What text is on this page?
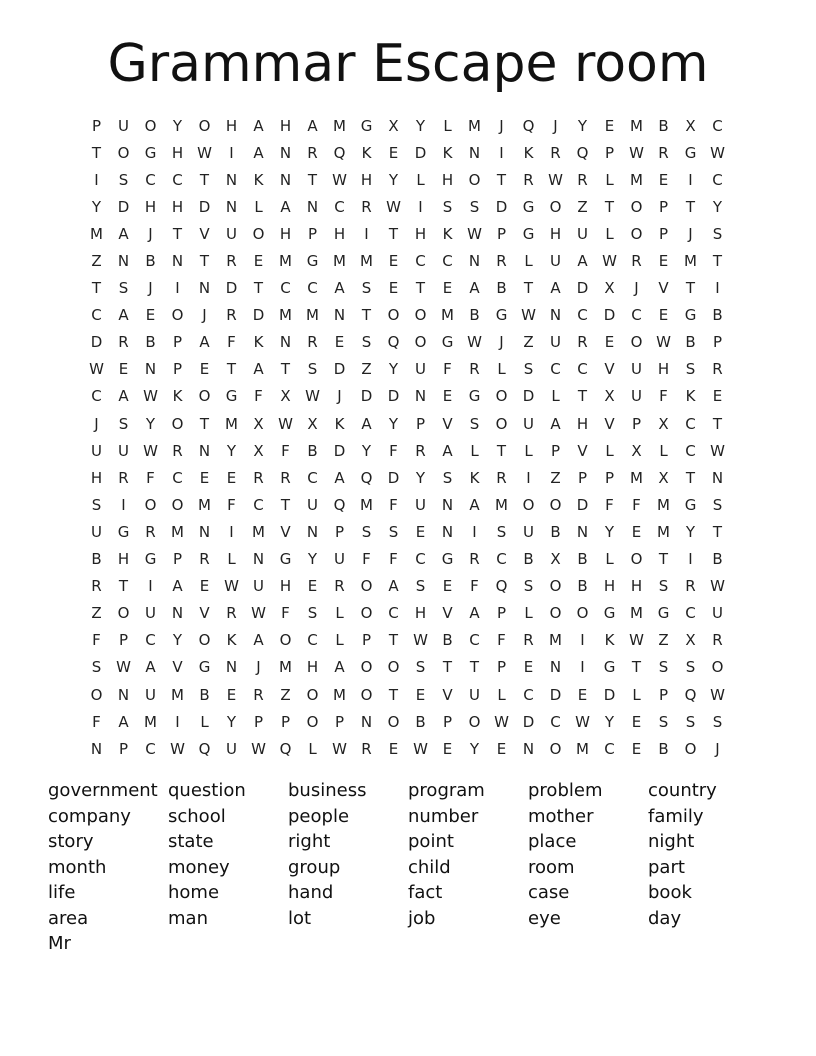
Grammar Escape room
P	U	O	Y	O	H	A	H	A	M G	X	Y	L	M	J	Q	J	Y	E	M	B	X	C
T	O	G	H W	I	A	N	R	Q	K	E	D	K	N	I	K	R	Q	P	W R	G W
I	S	C	C	T	N	K	N	T	W H	Y	L	H	O	T	R W R	L	M	E	I	C
Y	D	H	H	D	N	L	A	N	C	R W	I	S	S	D	G	O	Z	T	O	P	T	Y
M	A	J	T	V	U	O	H	P	H	I	T	H	K W	P	G	H	U	L	O	P	J	S
Z	N	B	N	T	R	E	M G M M	E	C	C	N	R	L	U	A W R	E	M	T
T	S	J	I	N	D	T	C	C	A	S	E	T	E	A	B	T	A	D	X	J	V	T	I
C	A	E	O	J	R	D M M N	T	O	O M	B	G W N	C	D	C	E	G	B
D	R	B	P	A	F	K	N	R	E	S	Q	O	G W	J	Z	U	R	E	O W B	P
W E	N	P	E	T	A	T	S	D	Z	Y	U	F	R	L	S	C	C	V	U	H	S	R
C	A W K	O	G	F	X W	J	D	D	N	E	G	O	D	L	T	X	U	F	K	E
J	S	Y	O	T	M	X W X	K	A	Y	P	V	S	O	U	A	H	V	P	X	C	T
U	U W R	N	Y	X	F	B	D	Y	F	R	A	L	T	L	P	V	L	X	L	C W
H	R	F	C	E	E	R	R	C	A	Q	D	Y	S	K	R	I	Z	P	P	M	X	T	N
S	I	O	O M	F	C	T	U	Q M	F	U	N	A	M O	O	D	F	F	M G	S
U	G	R	M N	I	M	V	N	P	S	S	E	N	I	S	U	B	N	Y	E	M	Y	T
B	H	G	P	R	L	N	G	Y	U	F	F	C	G	R	C	B	X	B	L	O	T	I	B
R	T	I	A	E W U	H	E	R	O	A	S	E	F	Q	S	O	B	H	H	S	R W
Z	O	U	N	V	R W	F	S	L	O	C	H	V	A	P	L	O	O	G M G	C	U
F	P	C	Y	O	K	A	O	C	L	P	T	W B	C	F	R	M	I	K W Z	X	R
S W A	V	G	N	J	M H	A	O	O	S	T	T	P	E	N	I	G	T	S	S	O
O	N	U	M	B	E	R	Z	O M O	T	E	V	U	L	C	D	E	D	L	P	Q W
F	A	M	I	L	Y	P	P	O	P	N	O	B	P	O W D	C W Y	E	S	S	S
N	P	C W Q	U W Q	L	W R	E W E	Y	E	N	O M	C	E	B	O	J
government question	business	program	problem	country
company	school	people	number	mother	family
story	state	right	point	place	night
month	money	group	child	room	part
life	home	hand	fact	case	book
area	man	lot	job	eye	day
Mr
